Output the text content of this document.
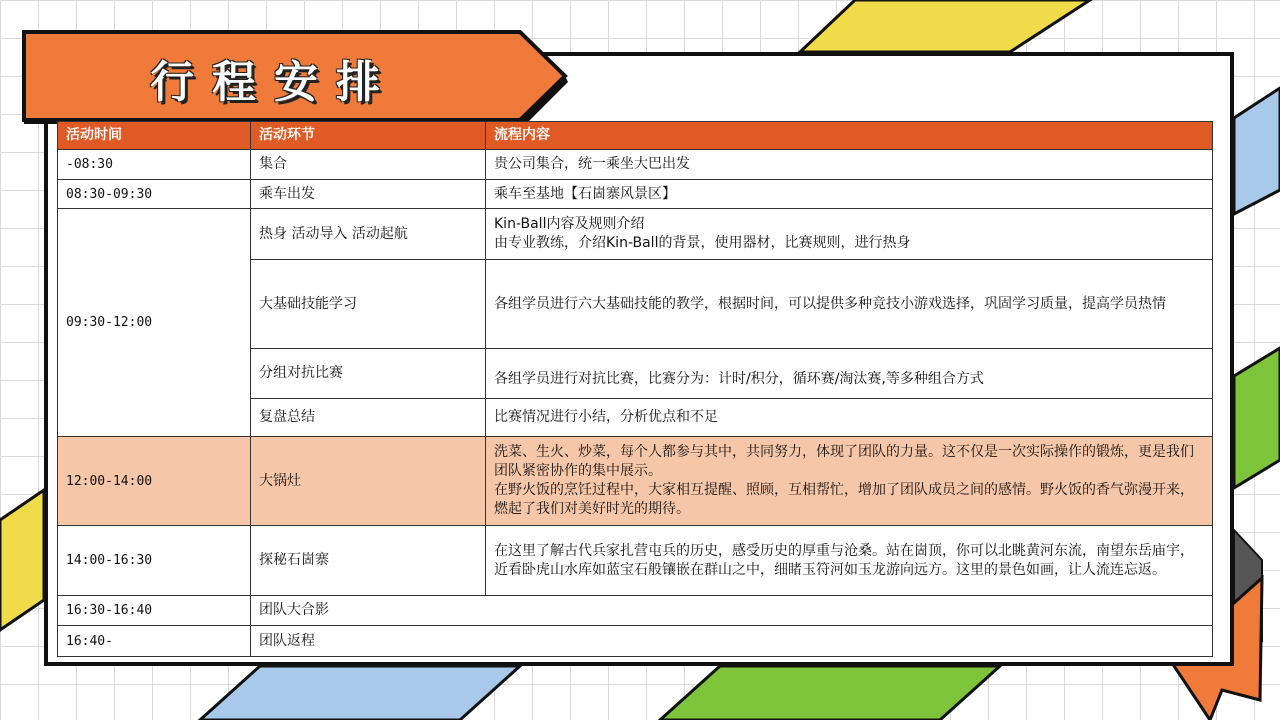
行程安排
活动时间	活动环节	流程内容
-08:30	集合	贵公司集合，统一乘坐大巴出发
08:30-09:30	乘车出发	乘车至基地【石崮寨风景区】
09:30-12:00	热身 活动导入 活动起航	Kin-Ball内容及规则介绍
由专业教练，介绍Kin-Ball的背景，使用器材，比赛规则，进行热身

	大基础技能学习	各组学员进行六大基础技能的教学，根据时间，可以提供多种竞技小游戏选择，巩固学习质量，提高学员热情
	分组对抗比赛	各组学员进行对抗比赛，比赛分为：计时/积分，循环赛/淘汰赛,等多种组合方式
	复盘总结	比赛情况进行小结，分析优点和不足
12:00-14:00	大锅灶	洗菜、生火、炒菜，每个人都参与其中，共同努力，体现了团队的力量。这不仅是一次实际操作的锻炼，更是我们团队紧密协作的集中展示。
在野火饭的烹饪过程中，大家相互提醒、照顾，互相帮忙，增加了团队成员之间的感情。野火饭的香气弥漫开来，燃起了我们对美好时光的期待。

14:00-16:30	探秘石崮寨	在这里了解古代兵家扎营屯兵的历史，感受历史的厚重与沧桑。站在崮顶，你可以北眺黄河东流，南望东岳庙宇，近看卧虎山水库如蓝宝石般镶嵌在群山之中，细睹玉符河如玉龙游向远方。这里的景色如画，让人流连忘返。
16:30-16:40	团队大合影	
16:40-	团队返程	
